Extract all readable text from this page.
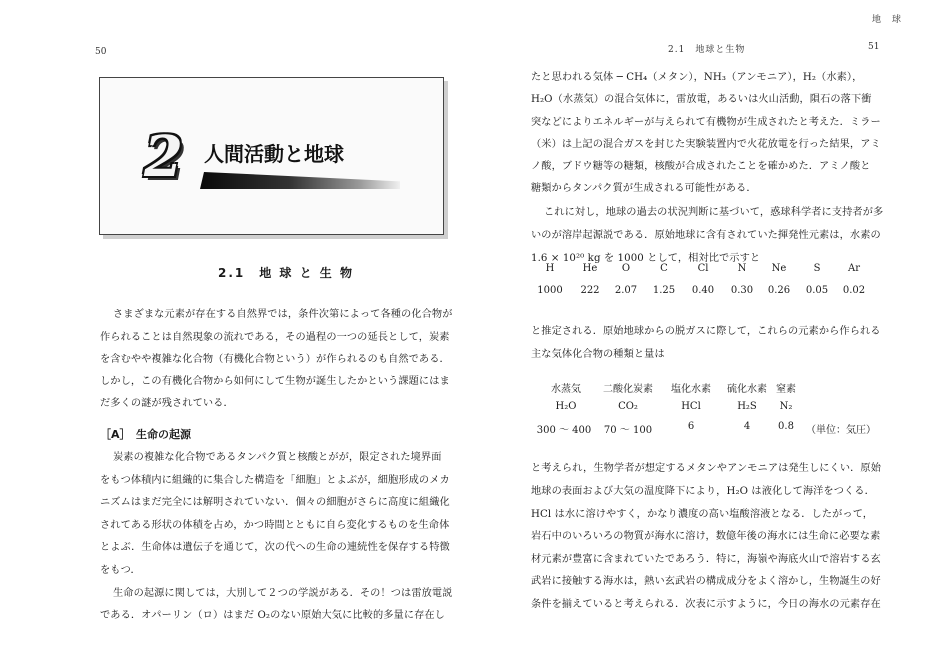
50
2 人間活動と地球
2.1　地 球 と 生 物
さまざまな元素が存在する自然界では，条件次第によって各種の化合物が
作られることは自然現象の流れである，その過程の一つの延長として，炭素
を含むやや複雑な化合物（有機化合物という）が作られるのも自然である．
しかし，この有機化合物から如何にして生物が誕生したかという課題にはま
だ多くの謎が残されている．
［A］　生命の起源
炭素の複雑な化合物であるタンパク質と核酸とがが，限定された境界面
をもつ体積内に組織的に集合した構造を「細胞」とよぶが，細胞形成のメカ
ニズムはまだ完全には解明されていない．個々の細胞がさらに高度に組織化
されてある形状の体積を占め，かつ時間とともに自ら変化するものを生命体
とよぶ．生命体は遺伝子を通じて，次の代への生命の連続性を保存する特徴
をもつ．
生命の起源に関しては，大別して２つの学説がある．その！つは雷放電説
である．オパーリン（ロ）はまだ O₂のない原始大気に比較的多量に存在し
地　球
2.1　地球と生物	51
たと思われる気体 ─ CH₄（メタン），NH₃（アンモニア），H₂（水素），
H₂O（水蒸気）の混合気体に，雷放電，あるいは火山活動，隕石の落下衝
突などによりエネルギーが与えられて有機物が生成されたと考えた．ミラー
（米）は上記の混合ガスを封じた実験装置内で火花放電を行った結果，アミ
ノ酸，ブドウ糖等の糖類，核酸が合成されたことを確かめた．アミノ酸と
糖類からタンパク質が生成される可能性がある．
これに対し，地球の過去の状況判断に基づいて，惑球科学者に支持者が多
いのが溶岸起源説である．原始地球に含有されていた揮発性元素は，水素の
1.6 × 10²⁰ kg を 1000 として，相対比で示すと
H	He	O	C	Cl	N	Ne	S	Ar
1000	222	2.07	1.25	0.40	0.30	0.26	0.05	0.02
と推定される．原始地球からの脱ガスに際して，これらの元素から作られる
主な気体化合物の種類と量は
水蒸気	二酸化炭素	塩化水素	硫化水素 窒素
H₂O	CO₂	HCl	H₂S	N₂
300 ～ 400	70 ～ 100	6	4	0.8	（単位：気圧）
と考えられ，生物学者が想定するメタンやアンモニアは発生しにくい．原始
地球の表面および大気の温度降下により，H₂O は液化して海洋をつくる．
HCl は水に溶けやすく，かなり濃度の高い塩酸溶液となる．したがって，
岩石中のいろいろの物質が海水に溶け，数億年後の海水には生命に必要な素
材元素が豊富に含まれていたであろう．特に，海嶺や海底火山で溶岩する玄
武岩に接触する海水は，熱い玄武岩の構成成分をよく溶かし，生物誕生の好
条件を揃えていると考えられる．次表に示すように，今日の海水の元素存在
